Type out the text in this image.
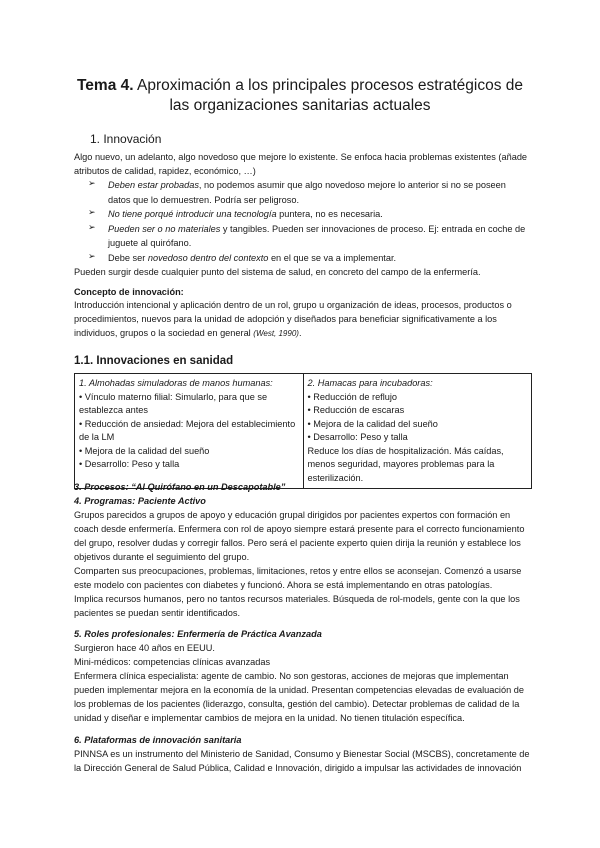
Tema 4. Aproximación a los principales procesos estratégicos de
las organizaciones sanitarias actuales
1. Innovación
Algo nuevo, un adelanto, algo novedoso que mejore lo existente. Se enfoca hacia problemas existentes (añade
atributos de calidad, rapidez, económico, …)
➢ Deben estar probadas, no podemos asumir que algo novedoso mejore lo anterior si no se poseen
datos que lo demuestren. Podría ser peligroso.
➢ No tiene porqué introducir una tecnología puntera, no es necesaria.
➢ Pueden ser o no materiales y tangibles. Pueden ser innovaciones de proceso. Ej: entrada en coche de
juguete al quirófano.
➢ Debe ser novedoso dentro del contexto en el que se va a implementar.
Pueden surgir desde cualquier punto del sistema de salud, en concreto del campo de la enfermería.
Concepto de innovación:
Introducción intencional y aplicación dentro de un rol, grupo u organización de ideas, procesos, productos o
procedimientos, nuevos para la unidad de adopción y diseñados para beneficiar significativamente a los
individuos, grupos o la sociedad en general (West, 1990).
1.1. Innovaciones en sanidad
1. Almohadas simuladoras de manos humanas:
• Vínculo materno filial: Simularlo, para que se establezca antes
• Reducción de ansiedad: Mejora del establecimiento de la LM
• Mejora de la calidad del sueño
• Desarrollo: Peso y talla

2. Hamacas para incubadoras:
• Reducción de reflujo
• Reducción de escaras
• Mejora de la calidad del sueño
• Desarrollo: Peso y talla
Reduce los días de hospitalización. Más caídas, menos seguridad, mayores problemas para la esterilización.
3. Procesos: “Al Quirófano en un Descapotable”
4. Programas: Paciente Activo
Grupos parecidos a grupos de apoyo y educación grupal dirigidos por pacientes expertos con formación en
coach desde enfermería. Enfermera con rol de apoyo siempre estará presente para el correcto funcionamiento
del grupo, resolver dudas y corregir fallos. Pero será el paciente experto quien dirija la reunión y establece los
objetivos durante el seguimiento del grupo.
Comparten sus preocupaciones, problemas, limitaciones, retos y entre ellos se aconsejan. Comenzó a usarse
este modelo con pacientes con diabetes y funcionó. Ahora se está implementando en otras patologías.
Implica recursos humanos, pero no tantos recursos materiales. Búsqueda de rol-models, gente con la que los
pacientes se puedan sentir identificados.
5. Roles profesionales: Enfermería de Práctica Avanzada
Surgieron hace 40 años en EEUU.
Mini-médicos: competencias clínicas avanzadas
Enfermera clínica especialista: agente de cambio. No son gestoras, acciones de mejoras que implementan
pueden implementar mejora en la economía de la unidad. Presentan competencias elevadas de evaluación de
los problemas de los pacientes (liderazgo, consulta, gestión del cambio). Detectar problemas de calidad de la
unidad y diseñar e implementar cambios de mejora en la unidad. No tienen titulación específica.
6. Plataformas de innovación sanitaria
PINNSA es un instrumento del Ministerio de Sanidad, Consumo y Bienestar Social (MSCBS), concretamente de
la Dirección General de Salud Pública, Calidad e Innovación, dirigido a impulsar las actividades de innovación
